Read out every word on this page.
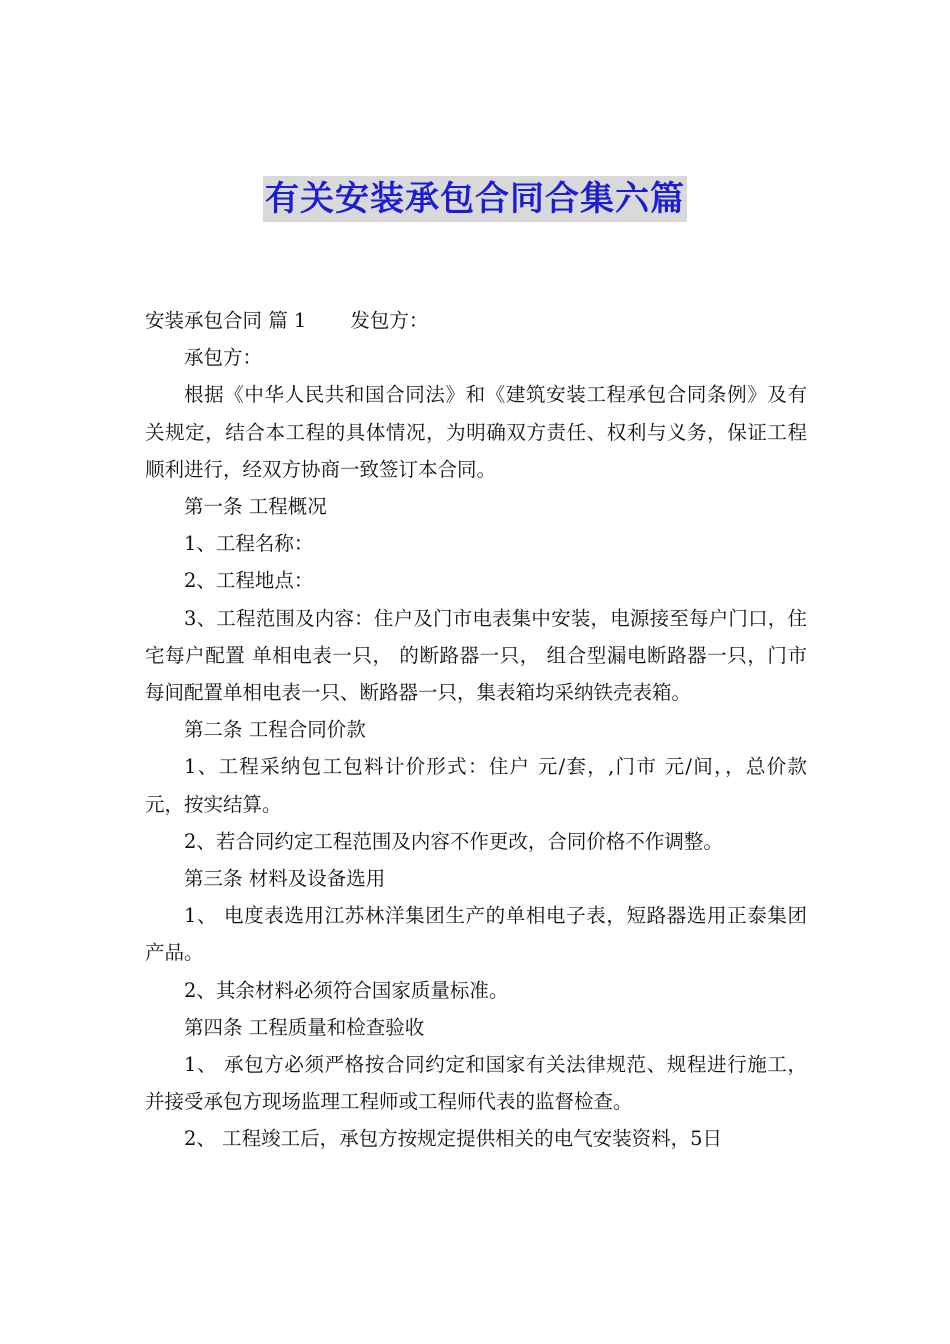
有关安装承包合同合集六篇

安装承包合同 篇 1 发包方：

承包方：

根据《中华人民共和国合同法》和《建筑安装工程承包合同条例》及有关规定，结合本工程的具体情况，为明确双方责任、权利与义务，保证工程顺利进行，经双方协商一致签订本合同。

第一条 工程概况

1、工程名称：

2、工程地点：

3、工程范围及内容：住户及门市电表集中安装，电源接至每户门口，住宅每户配置 单相电表一只， 的断路器一只， 组合型漏电断路器一只，门市每间配置单相电表一只、断路器一只，集表箱均采纳铁壳表箱。

第二条 工程合同价款

1、工程采纳包工包料计价形式：住户 元/套，,门市 元/间，，总价款 元，按实结算。

2、若合同约定工程范围及内容不作更改，合同价格不作调整。

第三条 材料及设备选用

1、 电度表选用江苏林洋集团生产的单相电子表，短路器选用正泰集团产品。

2、其余材料必须符合国家质量标准。

第四条 工程质量和检查验收

1、 承包方必须严格按合同约定和国家有关法律规范、规程进行施工，并接受承包方现场监理工程师或工程师代表的监督检查。

2、 工程竣工后，承包方按规定提供相关的电气安装资料，5日
